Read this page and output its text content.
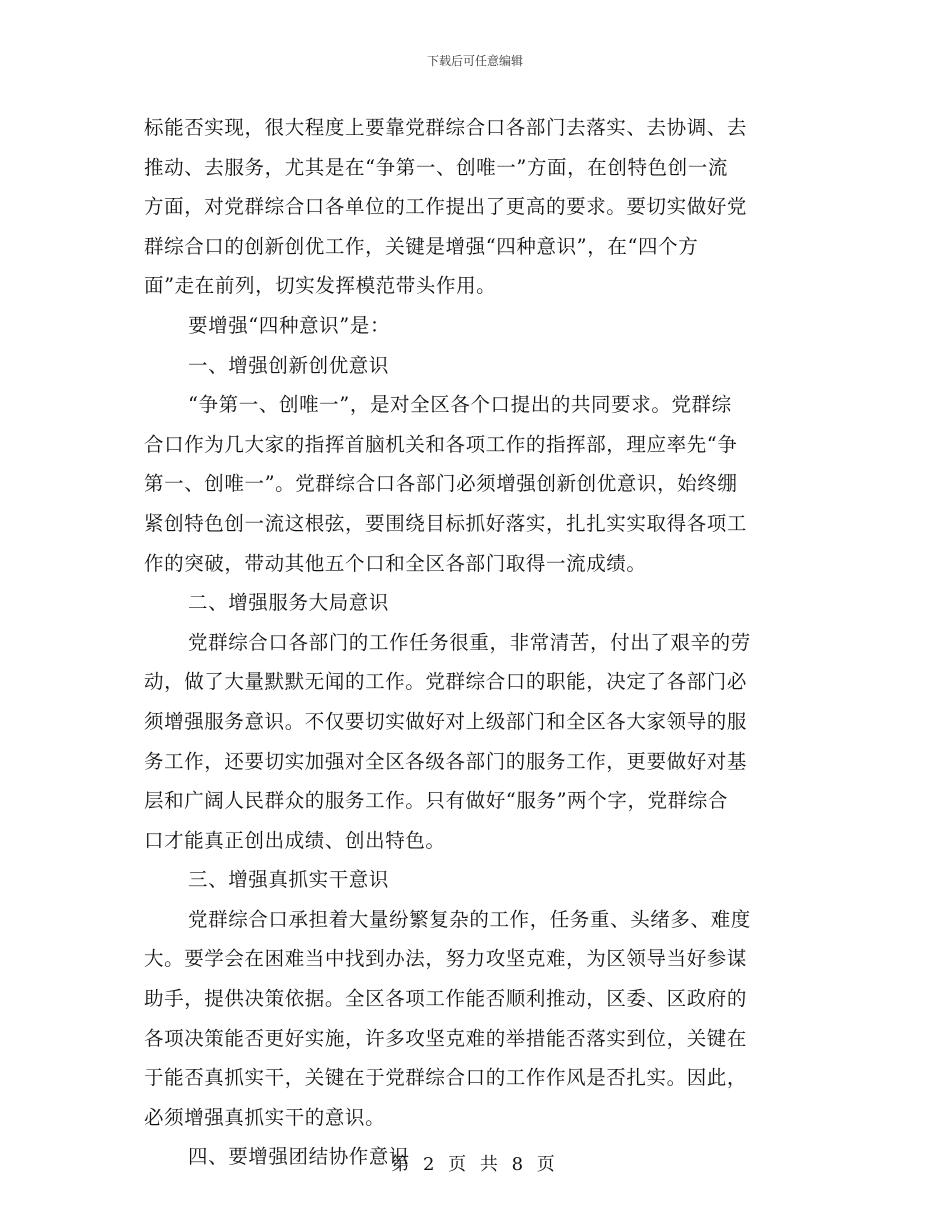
下载后可任意编辑
标能否实现，很大程度上要靠党群综合口各部门去落实、去协调、去
推动、去服务，尤其是在“争第一、创唯一”方面，在创特色创一流
方面，对党群综合口各单位的工作提出了更高的要求。要切实做好党
群综合口的创新创优工作，关键是增强“四种意识”，在“四个方
面”走在前列，切实发挥模范带头作用。
要增强“四种意识”是：
一、增强创新创优意识
“争第一、创唯一”，是对全区各个口提出的共同要求。党群综
合口作为几大家的指挥首脑机关和各项工作的指挥部，理应率先“争
第一、创唯一”。党群综合口各部门必须增强创新创优意识，始终绷
紧创特色创一流这根弦，要围绕目标抓好落实，扎扎实实取得各项工
作的突破，带动其他五个口和全区各部门取得一流成绩。
二、增强服务大局意识
党群综合口各部门的工作任务很重，非常清苦，付出了艰辛的劳
动，做了大量默默无闻的工作。党群综合口的职能，决定了各部门必
须增强服务意识。不仅要切实做好对上级部门和全区各大家领导的服
务工作，还要切实加强对全区各级各部门的服务工作，更要做好对基
层和广阔人民群众的服务工作。只有做好“服务”两个字，党群综合
口才能真正创出成绩、创出特色。
三、增强真抓实干意识
党群综合口承担着大量纷繁复杂的工作，任务重、头绪多、难度
大。要学会在困难当中找到办法，努力攻坚克难，为区领导当好参谋
助手，提供决策依据。全区各项工作能否顺利推动，区委、区政府的
各项决策能否更好实施，许多攻坚克难的举措能否落实到位，关键在
于能否真抓实干，关键在于党群综合口的工作作风是否扎实。因此，
必须增强真抓实干的意识。
四、要增强团结协作意识
第 2 页 共 8 页
